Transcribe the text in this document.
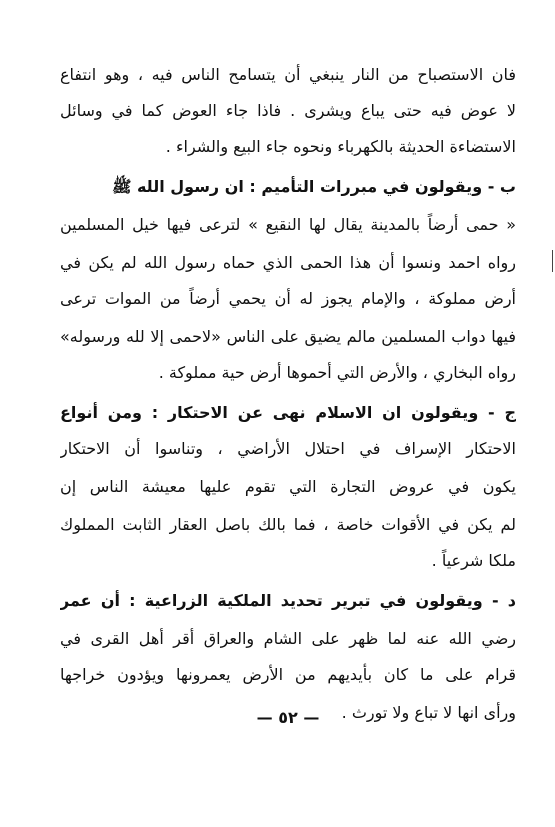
فان الاستصباح من النار ينبغي أن يتسامح الناس فيه ، وهو انتفاع
لا عوض فيه حتى يباع ويشرى . فاذا جاء العوض كما في وسائل
الاستضاءة الحديثة بالكهرباء ونحوه جاء البيع والشراء .
ب - ويقولون في مبررات التأميم : ان رسول الله ﷺ
« حمى أرضاً بالمدينة يقال لها النقيع » لترعى فيها خيل المسلمين
رواه احمد ونسوا أن هذا الحمى الذي حماه رسول الله لم يكن في
أرض مملوكة ، والإمام يجوز له أن يحمي أرضاً من الموات ترعى
فيها دواب المسلمين مالم يضيق على الناس «لاحمى إلا لله ورسوله»
رواه البخاري ، والأرض التي أحموها أرض حية مملوكة .
ج - ويقولون ان الاسلام نهى عن الاحتكار : ومن أنواع
الاحتكار الإسراف في احتلال الأراضي ، وتناسوا أن الاحتكار
يكون في عروض التجارة التي تقوم عليها معيشة الناس إن
لم يكن في الأقوات خاصة ، فما بالك باصل العقار الثابت المملوك
ملكا شرعياً .
د - ويقولون في تبرير تحديد الملكية الزراعية : أن عمر
رضي الله عنه لما ظهر على الشام والعراق أقر أهل القرى في
قرام على ما كان بأيديهم من الأرض يعمرونها ويؤدون خراجها
ورأى انها لا تباع ولا تورث .
— ٥٢ —
